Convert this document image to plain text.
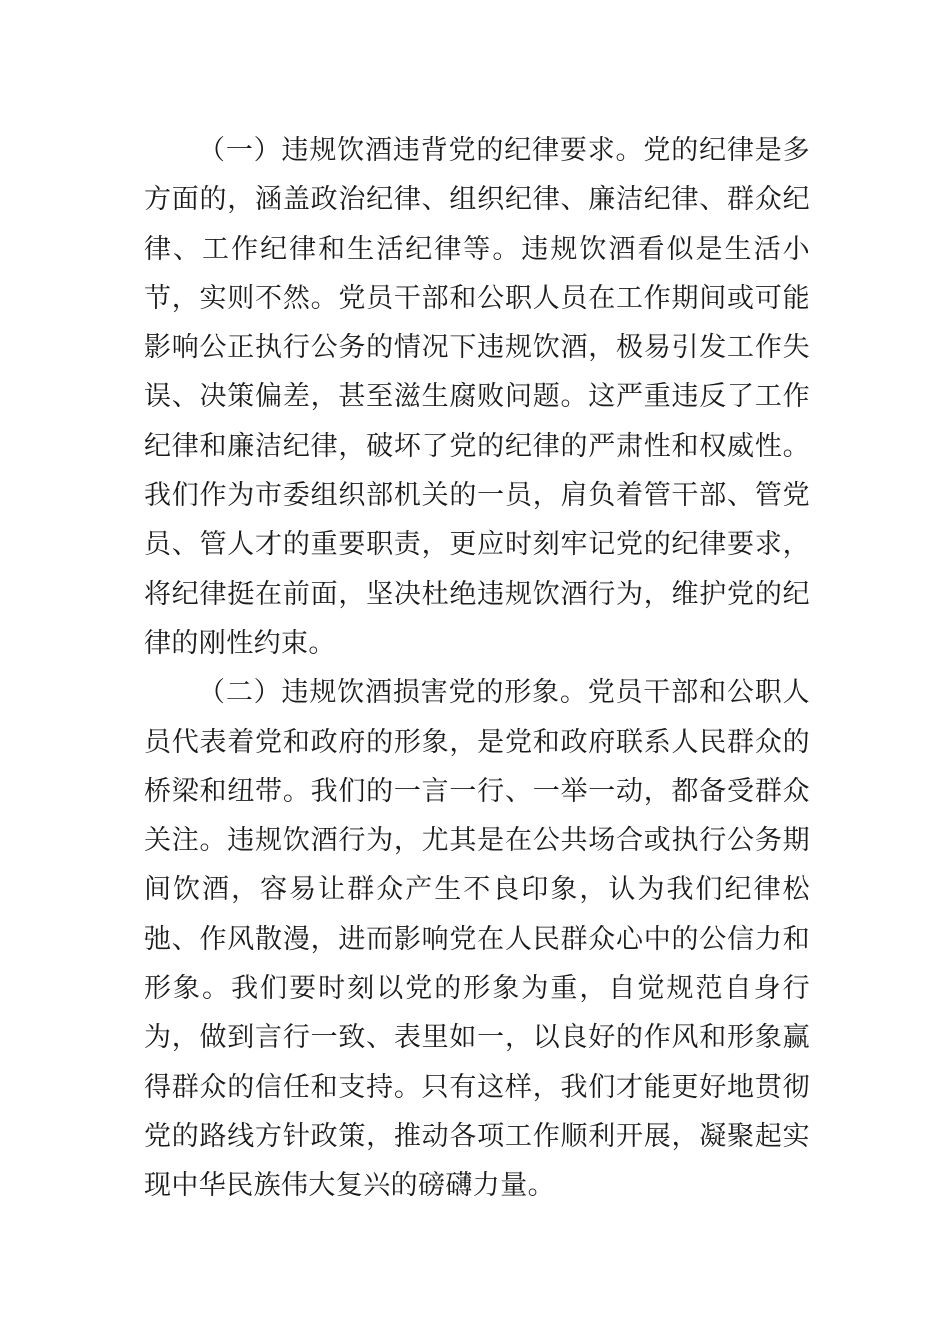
（一）违规饮酒违背党的纪律要求。党的纪律是多方面的，涵盖政治纪律、组织纪律、廉洁纪律、群众纪律、工作纪律和生活纪律等。违规饮酒看似是生活小节，实则不然。党员干部和公职人员在工作期间或可能影响公正执行公务的情况下违规饮酒，极易引发工作失误、决策偏差，甚至滋生腐败问题。这严重违反了工作纪律和廉洁纪律，破坏了党的纪律的严肃性和权威性。我们作为市委组织部机关的一员，肩负着管干部、管党员、管人才的重要职责，更应时刻牢记党的纪律要求，将纪律挺在前面，坚决杜绝违规饮酒行为，维护党的纪律的刚性约束。

（二）违规饮酒损害党的形象。党员干部和公职人员代表着党和政府的形象，是党和政府联系人民群众的桥梁和纽带。我们的一言一行、一举一动，都备受群众关注。违规饮酒行为，尤其是在公共场合或执行公务期间饮酒，容易让群众产生不良印象，认为我们纪律松弛、作风散漫，进而影响党在人民群众心中的公信力和形象。我们要时刻以党的形象为重，自觉规范自身行为，做到言行一致、表里如一，以良好的作风和形象赢得群众的信任和支持。只有这样，我们才能更好地贯彻党的路线方针政策，推动各项工作顺利开展，凝聚起实现中华民族伟大复兴的磅礴力量。
